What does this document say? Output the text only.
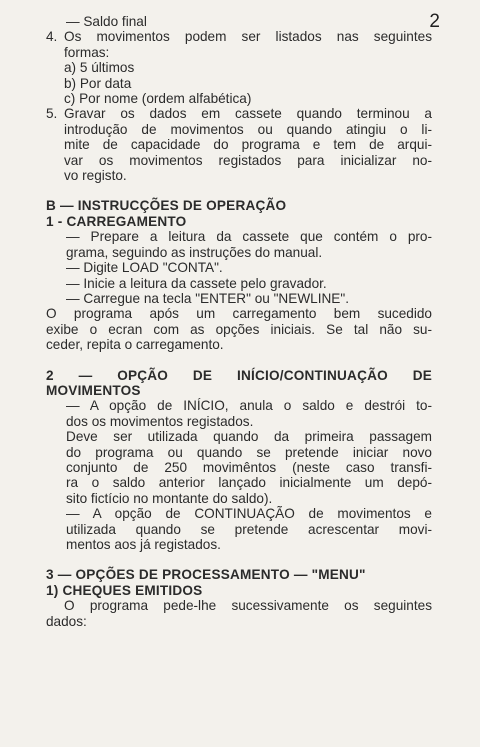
2
— Saldo final
4. Os movimentos podem ser listados nas seguintes
formas:
a) 5 últimos
b) Por data
c) Por nome (ordem alfabética)
5. Gravar os dados em cassete quando terminou a
introdução de movimentos ou quando atingiu o li-
mite de capacidade do programa e tem de arqui-
var os movimentos registados para inicializar no-
vo registo.
B — INSTRUCÇÕES DE OPERAÇÃO
1 - CARREGAMENTO
— Prepare a leitura da cassete que contém o pro-
grama, seguindo as instruções do manual.
— Digite LOAD "CONTA".
— Inicie a leitura da cassete pelo gravador.
— Carregue na tecla "ENTER" ou "NEWLINE".
O programa após um carregamento bem sucedido
exibe o ecran com as opções iniciais. Se tal não su-
ceder, repita o carregamento.
2 — OPÇÃO DE INÍCIO/CONTINUAÇÃO DE
MOVIMENTOS
— A opção de INÍCIO, anula o saldo e destrói to-
dos os movimentos registados.
Deve ser utilizada quando da primeira passagem
do programa ou quando se pretende iniciar novo
conjunto de 250 movimêntos (neste caso transfi-
ra o saldo anterior lançado inicialmente um depó-
sito fictício no montante do saldo).
— A opção de CONTINUAÇÃO de movimentos e
utilizada quando se pretende acrescentar movi-
mentos aos já registados.
3 — OPÇÕES DE PROCESSAMENTO — "MENU"
1) CHEQUES EMITIDOS
O programa pede-lhe sucessivamente os seguintes
dados:
